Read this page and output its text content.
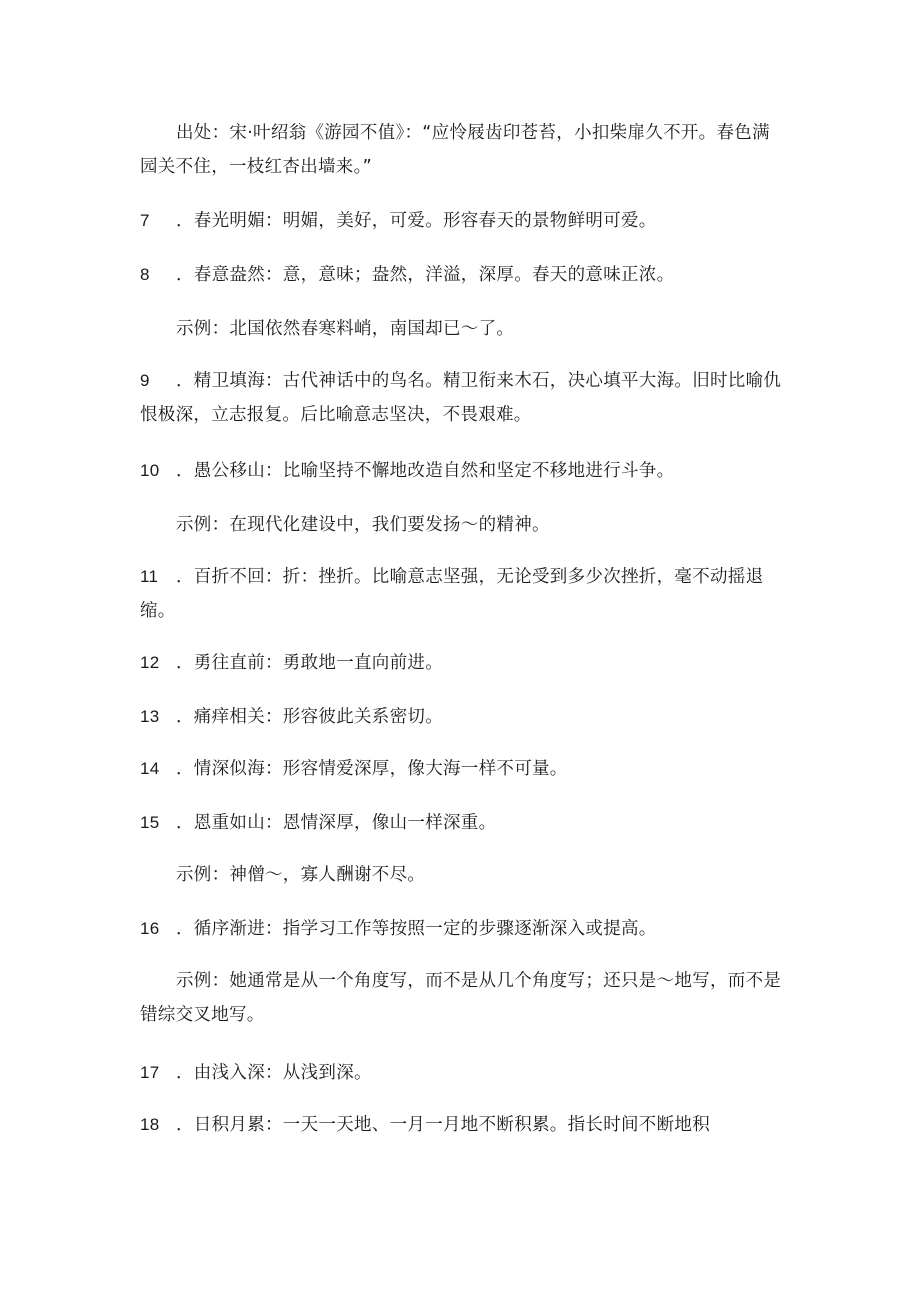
出处：宋·叶绍翁《游园不值》：“应怜屐齿印苍苔，小扣柴扉久不开。春色满园关不住，一枝红杏出墙来。”

7 ．春光明媚：明媚，美好，可爱。形容春天的景物鲜明可爱。

8 ．春意盎然：意，意味；盎然，洋溢，深厚。春天的意味正浓。

示例：北国依然春寒料峭，南国却已～了。

9 ．精卫填海：古代神话中的鸟名。精卫衔来木石，决心填平大海。旧时比喻仇恨极深，立志报复。后比喻意志坚决，不畏艰难。

10 ．愚公移山：比喻坚持不懈地改造自然和坚定不移地进行斗争。

示例：在现代化建设中，我们要发扬～的精神。

11 ．百折不回：折：挫折。比喻意志坚强，无论受到多少次挫折，毫不动摇退缩。

12 ．勇往直前：勇敢地一直向前进。

13 ．痛痒相关：形容彼此关系密切。

14 ．情深似海：形容情爱深厚，像大海一样不可量。

15 ．恩重如山：恩情深厚，像山一样深重。

示例：神僧～，寡人酬谢不尽。

16 ．循序渐进：指学习工作等按照一定的步骤逐渐深入或提高。

示例：她通常是从一个角度写，而不是从几个角度写；还只是～地写，而不是错综交叉地写。

17 ．由浅入深：从浅到深。

18 ．日积月累：一天一天地、一月一月地不断积累。指长时间不断地积
